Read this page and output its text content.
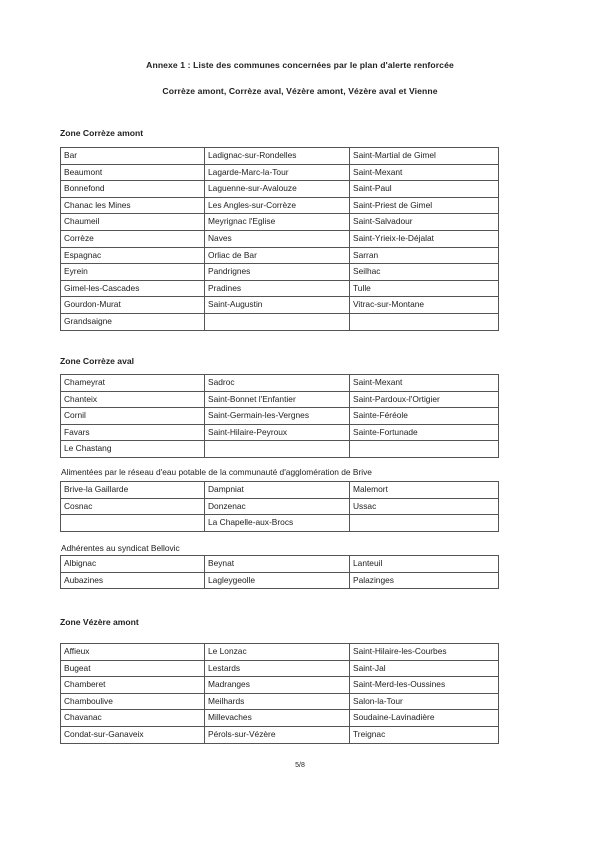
Annexe 1 : Liste des communes concernées par le plan d'alerte renforcée
Corrèze amont, Corrèze aval, Vézère amont, Vézère aval et Vienne
Zone Corrèze amont
Bar	Ladignac-sur-Rondelles	Saint-Martial de Gimel
Beaumont	Lagarde-Marc-la-Tour	Saint-Mexant
Bonnefond	Laguenne-sur-Avalouze	Saint-Paul
Chanac les Mines	Les Angles-sur-Corrèze	Saint-Priest de Gimel
Chaumeil	Meyrignac l'Eglise	Saint-Salvadour
Corrèze	Naves	Saint-Yrieix-le-Déjalat
Espagnac	Orliac de Bar	Sarran
Eyrein	Pandrignes	Seilhac
Gimel-les-Cascades	Pradines	Tulle
Gourdon-Murat	Saint-Augustin	Vitrac-sur-Montane
Grandsaigne		
Zone Corrèze aval
Chameyrat	Sadroc	Saint-Mexant
Chanteix	Saint-Bonnet l'Enfantier	Saint-Pardoux-l'Ortigier
Cornil	Saint-Germain-les-Vergnes	Sainte-Féréole
Favars	Saint-Hilaire-Peyroux	Sainte-Fortunade
Le Chastang		
Alimentées par le réseau d'eau potable de la communauté d'agglomération de Brive
Brive-la Gaillarde	Dampniat	Malemort
Cosnac	Donzenac	Ussac
	La Chapelle-aux-Brocs	
Adhérentes au syndicat Bellovic
Albignac	Beynat	Lanteuil
Aubazines	Lagleygeolle	Palazinges
Zone Vézère amont
Affieux	Le Lonzac	Saint-Hilaire-les-Courbes
Bugeat	Lestards	Saint-Jal
Chamberet	Madranges	Saint-Merd-les-Oussines
Chamboulive	Meilhards	Salon-la-Tour
Chavanac	Millevaches	Soudaine-Lavinadière
Condat-sur-Ganaveix	Pérols-sur-Vézère	Treignac
5/8
